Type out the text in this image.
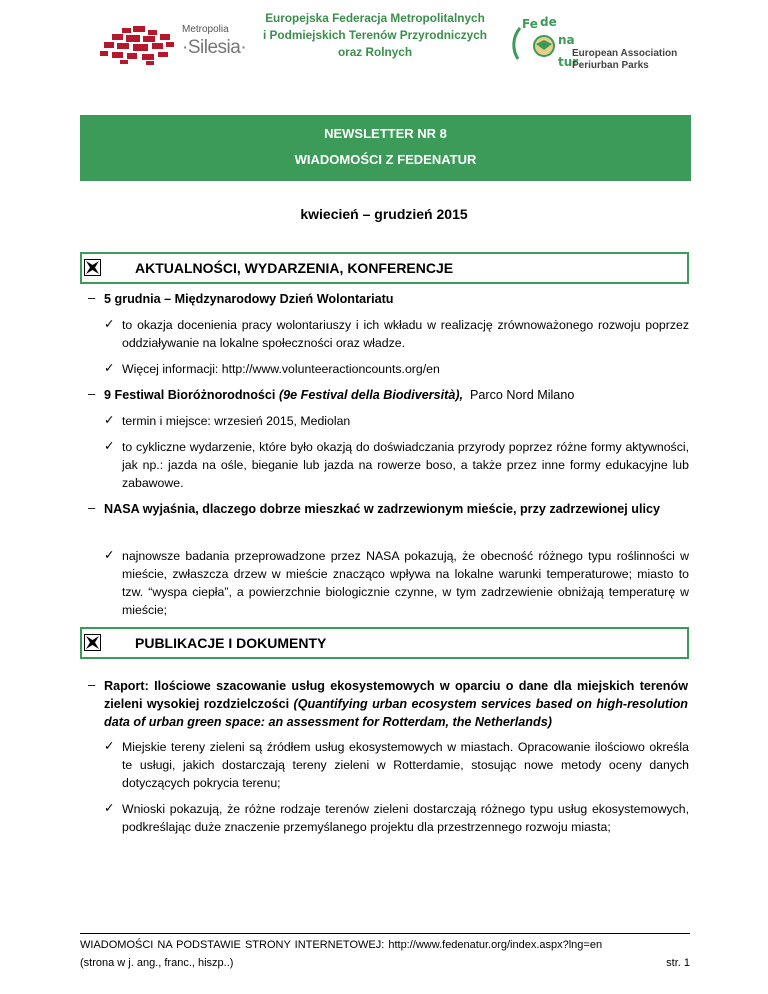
Metropolia
·Silesia·
Europejska Federacja Metropolitalnych
i Podmiejskich Terenów Przyrodniczych
oraz Rolnych
Fe de
na
tur
European Association
Periurban Parks
NEWSLETTER NR 8
WIADOMOŚCI Z FEDENATUR
kwiecień – grudzień 2015
AKTUALNOŚCI, WYDARZENIA, KONFERENCJE
– 5 grudnia – Międzynarodowy Dzień Wolontariatu
✓ to okazja docenienia pracy wolontariuszy i ich wkładu w realizację zrównoważonego rozwoju poprzez oddziaływanie na lokalne społeczności oraz władze.
✓ Więcej informacji: http://www.volunteeractioncounts.org/en
– 9 Festiwal Bioróżnorodności (9e Festival della Biodiversità), Parco Nord Milano
✓ termin i miejsce: wrzesień 2015, Mediolan
✓ to cykliczne wydarzenie, które było okazją do doświadczania przyrody poprzez różne formy aktywności, jak np.: jazda na ośle, bieganie lub jazda na rowerze boso, a także przez inne formy edukacyjne lub zabawowe.
– NASA wyjaśnia, dlaczego dobrze mieszkać w zadrzewionym mieście, przy zadrzewionej ulicy
✓ najnowsze badania przeprowadzone przez NASA pokazują, że obecność różnego typu roślinności w mieście, zwłaszcza drzew w mieście znacząco wpływa na lokalne warunki temperaturowe; miasto to tzw. “wyspa ciepła”, a powierzchnie biologicznie czynne, w tym zadrzewienie obniżają temperaturę w mieście;
PUBLIKACJE I DOKUMENTY
– Raport: Ilościowe szacowanie usług ekosystemowych w oparciu o dane dla miejskich terenów zieleni wysokiej rozdzielczości (Quantifying urban ecosystem services based on high-resolution data of urban green space: an assessment for Rotterdam, the Netherlands)
✓ Miejskie tereny zieleni są źródłem usług ekosystemowych w miastach. Opracowanie ilościowo określa te usługi, jakich dostarczają tereny zieleni w Rotterdamie, stosując nowe metody oceny danych dotyczących pokrycia terenu;
✓ Wnioski pokazują, że różne rodzaje terenów zieleni dostarczają różnego typu usług ekosystemowych, podkreślając duże znaczenie przemyślanego projektu dla przestrzennego rozwoju miasta;
WIADOMOŚCI NA PODSTAWIE STRONY INTERNETOWEJ: http://www.fedenatur.org/index.aspx?lng=en
(strona w j. ang., franc., hiszp..)	str. 1
